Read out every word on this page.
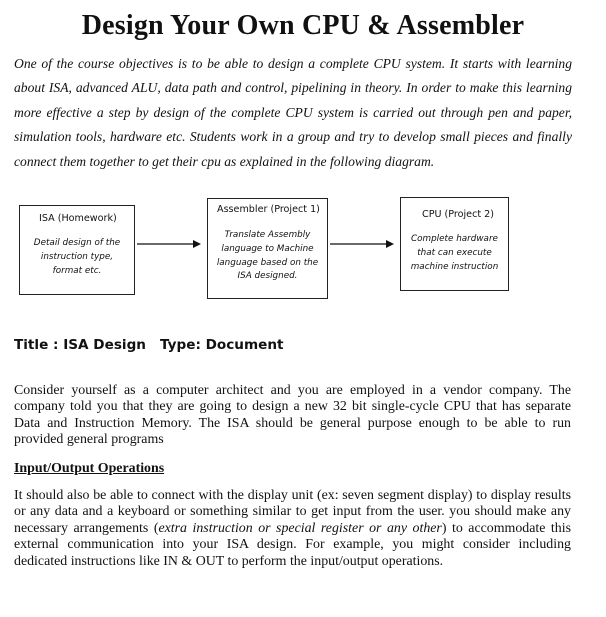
Design Your Own CPU & Assembler
One of the course objectives is to be able to design a complete CPU system. It starts with learning about ISA, advanced ALU, data path and control, pipelining in theory. In order to make this learning more effective a step by design of the complete CPU system is carried out through pen and paper, simulation tools, hardware etc. Students work in a group and try to develop small pieces and finally connect them together to get their cpu as explained in the following diagram.
ISA (Homework)
Detail design of the instruction type, format etc.
Assembler (Project 1)
Translate Assembly language to Machine language based on the ISA designed.
CPU (Project 2)
Complete hardware that can execute machine instruction
Title : ISA Design Type: Document
Consider yourself as a computer architect and you are employed in a vendor company. The company told you that they are going to design a new 32 bit single-cycle CPU that has separate Data and Instruction Memory. The ISA should be general purpose enough to be able to run provided general programs
Input/Output Operations
It should also be able to connect with the display unit (ex: seven segment display) to display results or any data and a keyboard or something similar to get input from the user. you should make any necessary arrangements (extra instruction or special register or any other) to accommodate this external communication into your ISA design. For example, you might consider including dedicated instructions like IN & OUT to perform the input/output operations.
